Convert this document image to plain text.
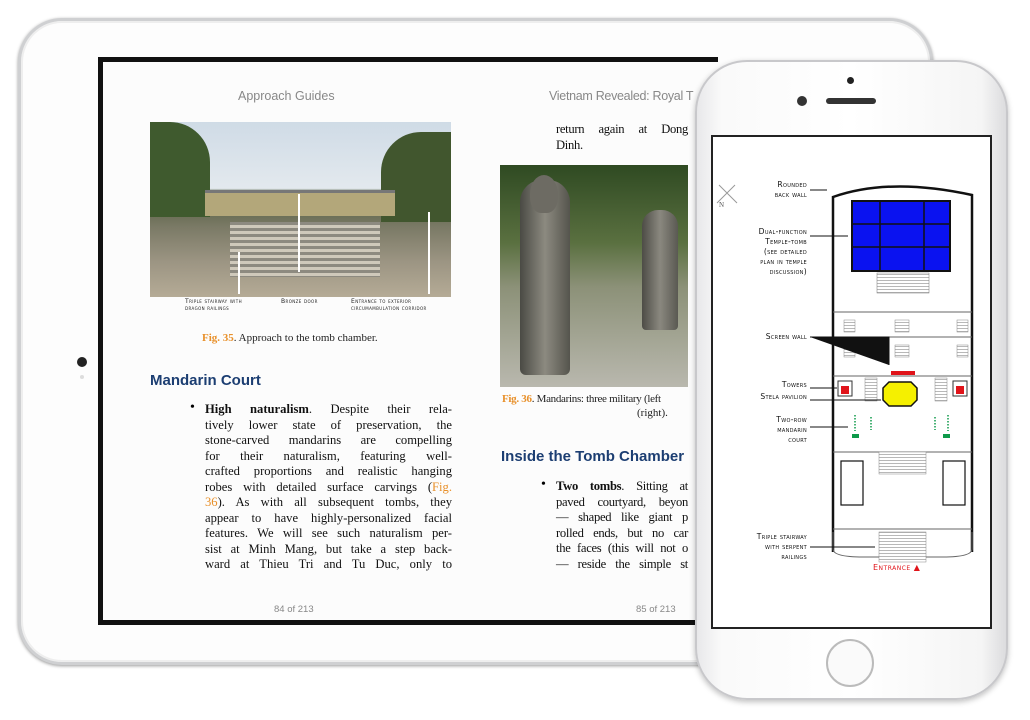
Approach Guides
Triple stairway with
dragon railings
Bronze door	Entrance to exterior
circumambulation corridor
Fig. 35. Approach to the tomb chamber.
Mandarin Court
• High naturalism. Despite their rela-
tively lower state of preservation, the
stone-carved mandarins are compelling
for their naturalism, featuring well-
crafted proportions and realistic hanging
robes with detailed surface carvings (Fig.
36). As with all subsequent tombs, they
appear to have highly-personalized facial
features. We will see such naturalism per-
sist at Minh Mang, but take a step back-
ward at Thieu Tri and Tu Duc, only to
84 of 213
Vietnam Revealed: Royal T
return again at Dong
Dinh.
Fig. 36. Mandarins: three military (left
(right).
Inside the Tomb Chamber
• Two tombs. Sitting at
paved courtyard, beyon
— shaped like giant p
rolled ends, but no car
the faces (this will not o
— reside the simple st
85 of 213
N
Rounded
back wall
Dual-function
Temple-tomb
(see detailed
plan in temple
discussion)
Screen wall
Towers
Stela pavilion
Two-row
mandarin
court
Triple stairway
with serpent
railings
Entrance ▲
